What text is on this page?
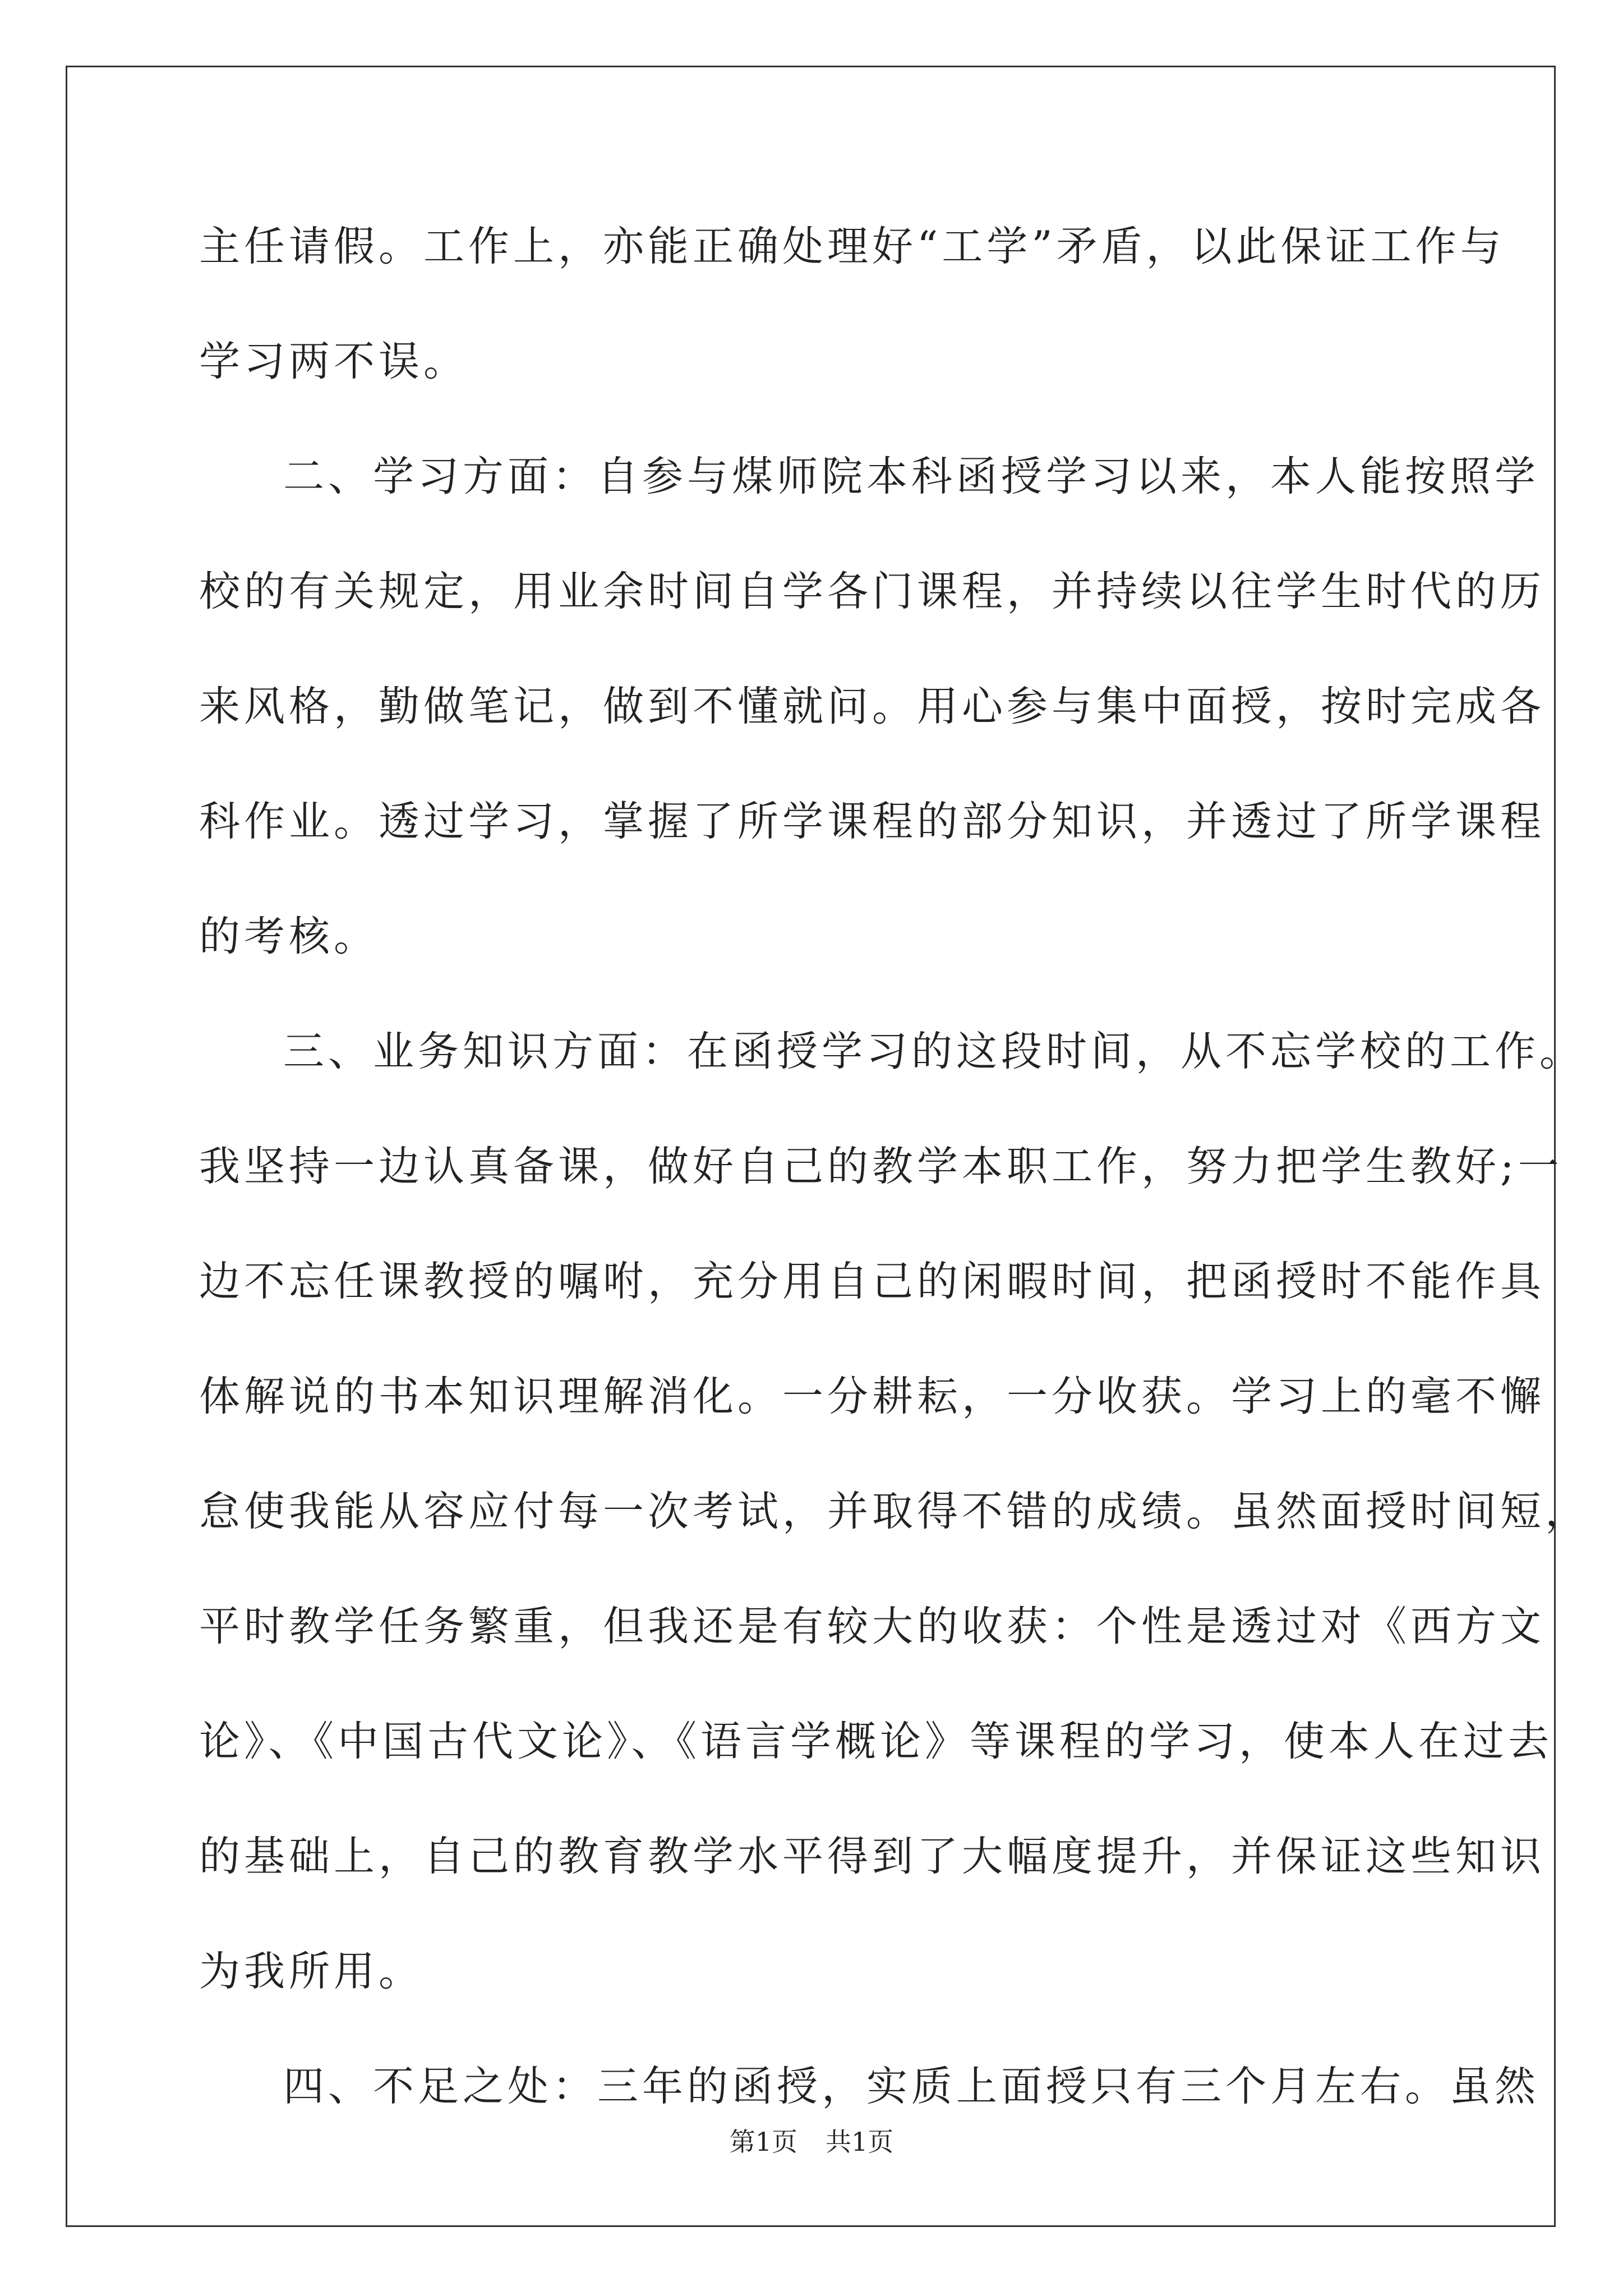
主任请假。工作上，亦能正确处理好“工学”矛盾，以此保证工作与
学习两不误。
二、学习方面：自参与煤师院本科函授学习以来，本人能按照学
校的有关规定，用业余时间自学各门课程，并持续以往学生时代的历
来风格，勤做笔记，做到不懂就问。用心参与集中面授，按时完成各
科作业。透过学习，掌握了所学课程的部分知识，并透过了所学课程
的考核。
三、业务知识方面：在函授学习的这段时间，从不忘学校的工作。
我坚持一边认真备课，做好自己的教学本职工作，努力把学生教好;一
边不忘任课教授的嘱咐，充分用自己的闲暇时间，把函授时不能作具
体解说的书本知识理解消化。一分耕耘，一分收获。学习上的毫不懈
怠使我能从容应付每一次考试，并取得不错的成绩。虽然面授时间短，
平时教学任务繁重，但我还是有较大的收获：个性是透过对《西方文
论》、《中国古代文论》、《语言学概论》等课程的学习，使本人在过去
的基础上，自己的教育教学水平得到了大幅度提升，并保证这些知识
为我所用。
四、不足之处：三年的函授，实质上面授只有三个月左右。虽然
第1页 共1页
